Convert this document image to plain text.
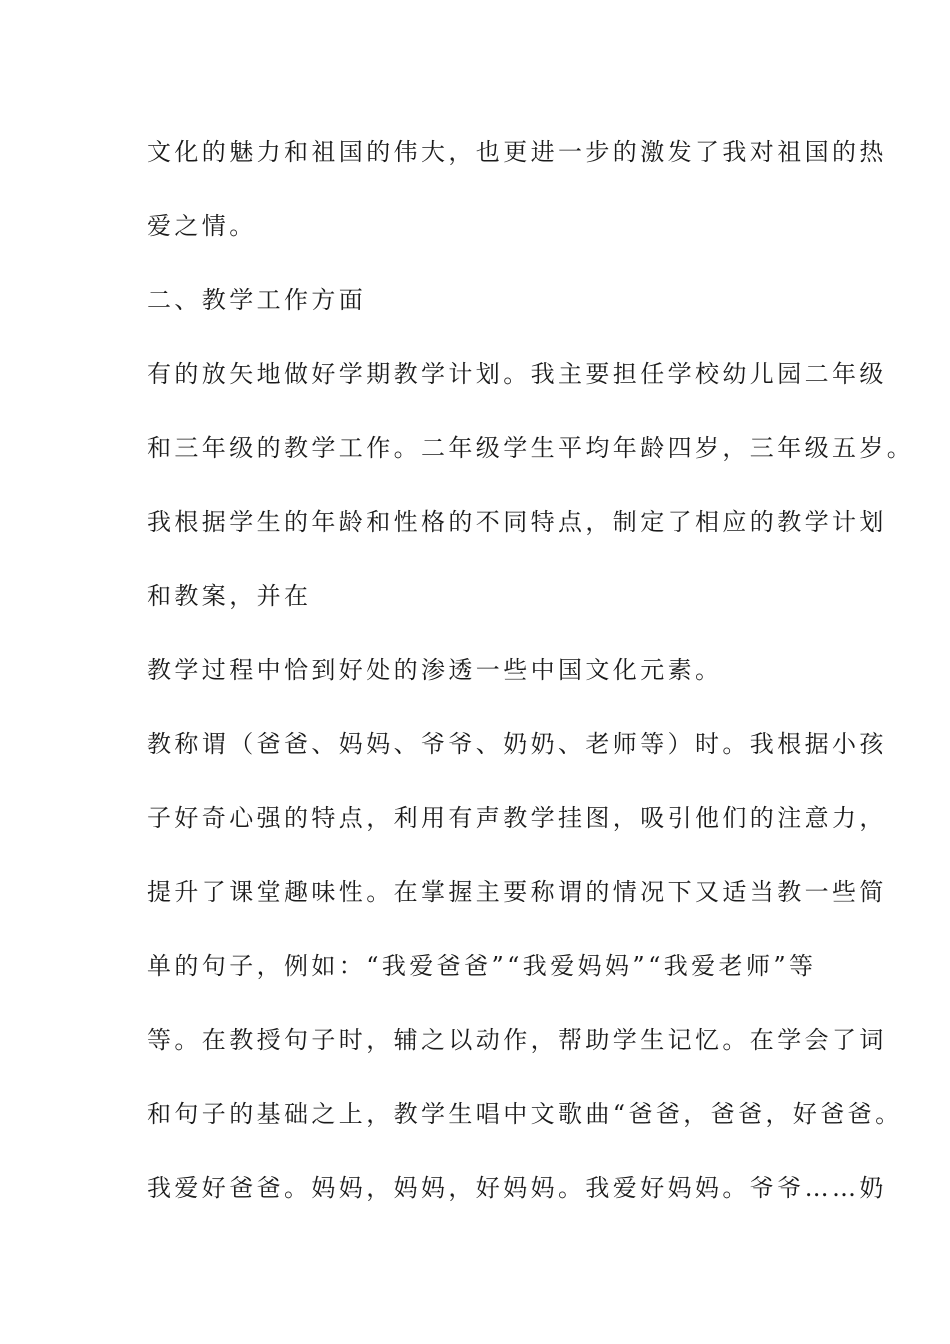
文化的魅力和祖国的伟大，也更进一步的激发了我对祖国的热

爱之情。

二、教学工作方面

有的放矢地做好学期教学计划。我主要担任学校幼儿园二年级

和三年级的教学工作。二年级学生平均年龄四岁，三年级五岁。

我根据学生的年龄和性格的不同特点，制定了相应的教学计划

和教案，并在

教学过程中恰到好处的渗透一些中国文化元素。

教称谓（爸爸、妈妈、爷爷、奶奶、老师等）时。我根据小孩

子好奇心强的特点，利用有声教学挂图，吸引他们的注意力，

提升了课堂趣味性。在掌握主要称谓的情况下又适当教一些简

单的句子，例如：“我爱爸爸”“我爱妈妈”“我爱老师”等

等。在教授句子时，辅之以动作，帮助学生记忆。在学会了词

和句子的基础之上，教学生唱中文歌曲“爸爸，爸爸，好爸爸。

我爱好爸爸。妈妈，妈妈，好妈妈。我爱好妈妈。爷爷……奶
